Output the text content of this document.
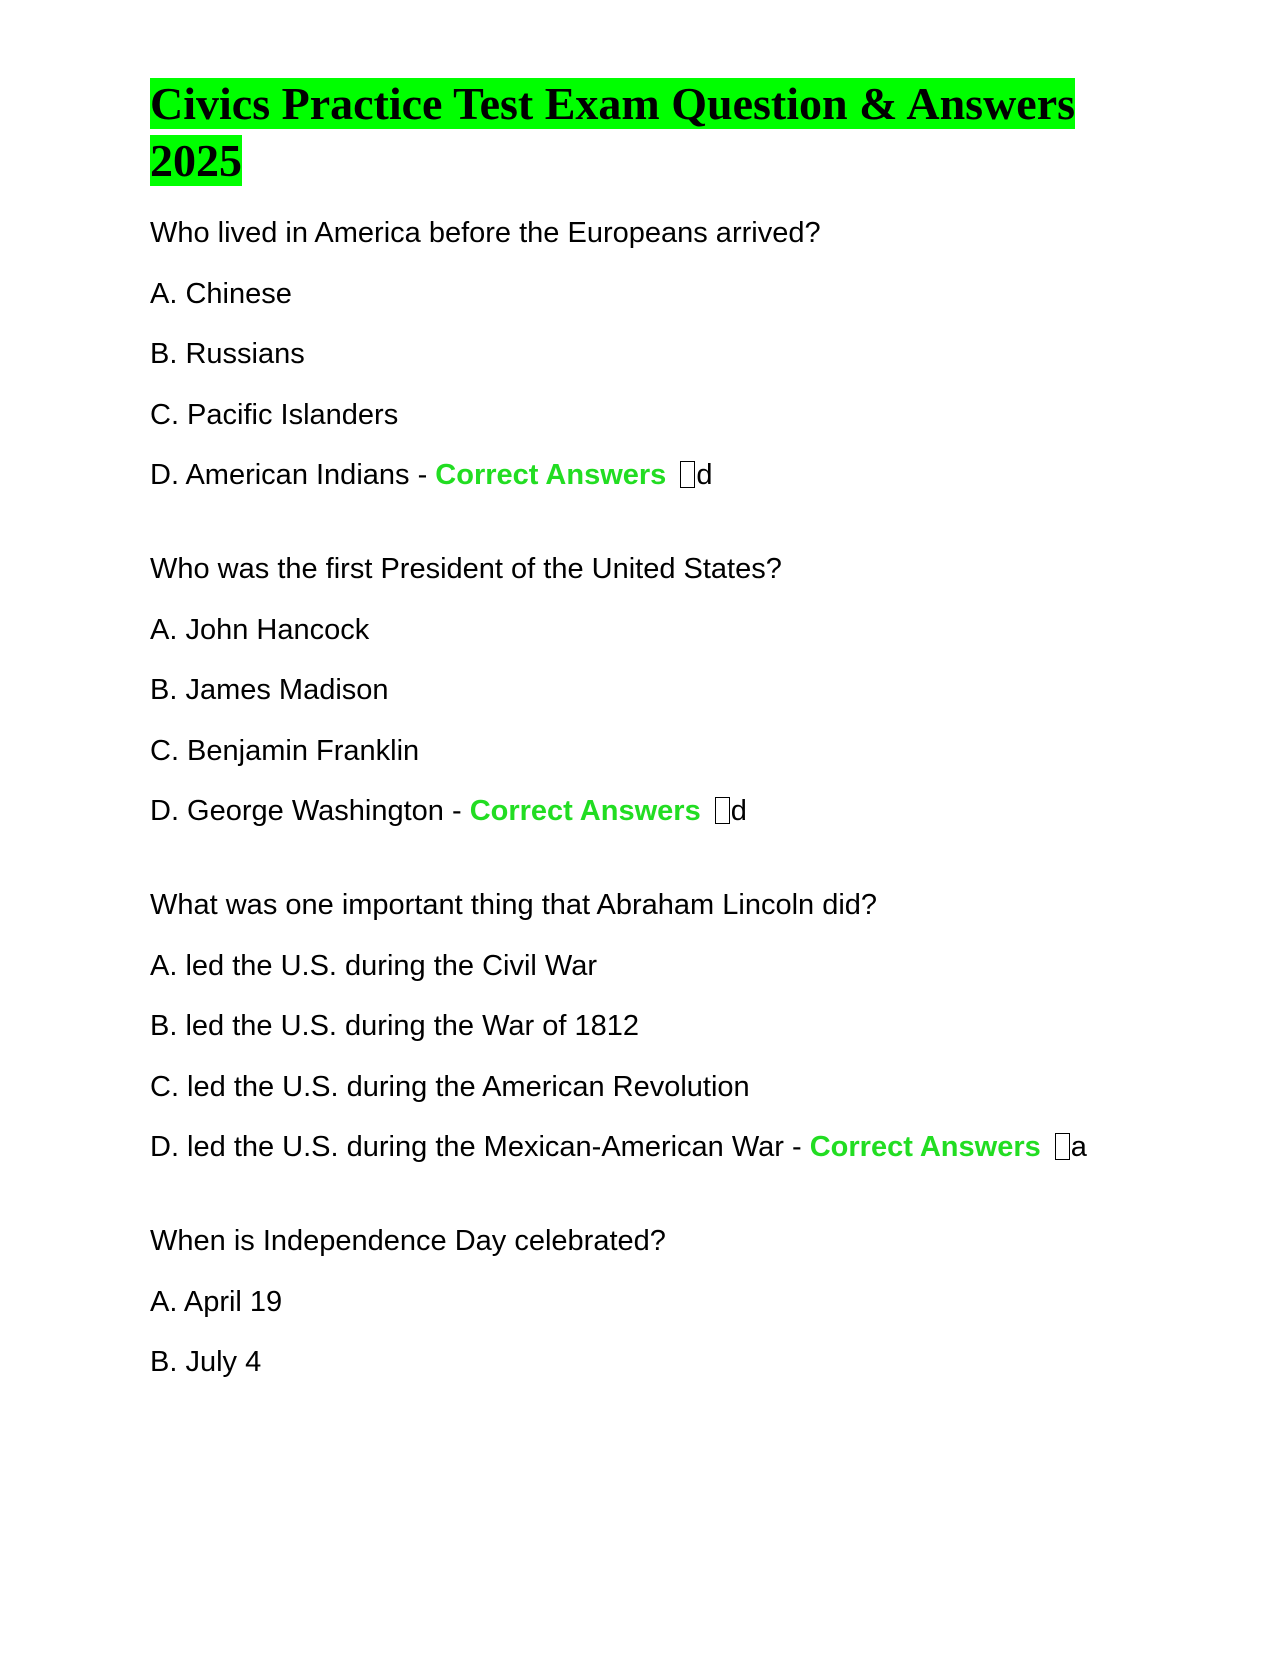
Civics Practice Test Exam Question & Answers 2025
Who lived in America before the Europeans arrived?
A. Chinese
B. Russians
C. Pacific Islanders
D. American Indians - Correct Answers d
Who was the first President of the United States?
A. John Hancock
B. James Madison
C. Benjamin Franklin
D. George Washington - Correct Answers d
What was one important thing that Abraham Lincoln did?
A. led the U.S. during the Civil War
B. led the U.S. during the War of 1812
C. led the U.S. during the American Revolution
D. led the U.S. during the Mexican-American War - Correct Answers a
When is Independence Day celebrated?
A. April 19
B. July 4
